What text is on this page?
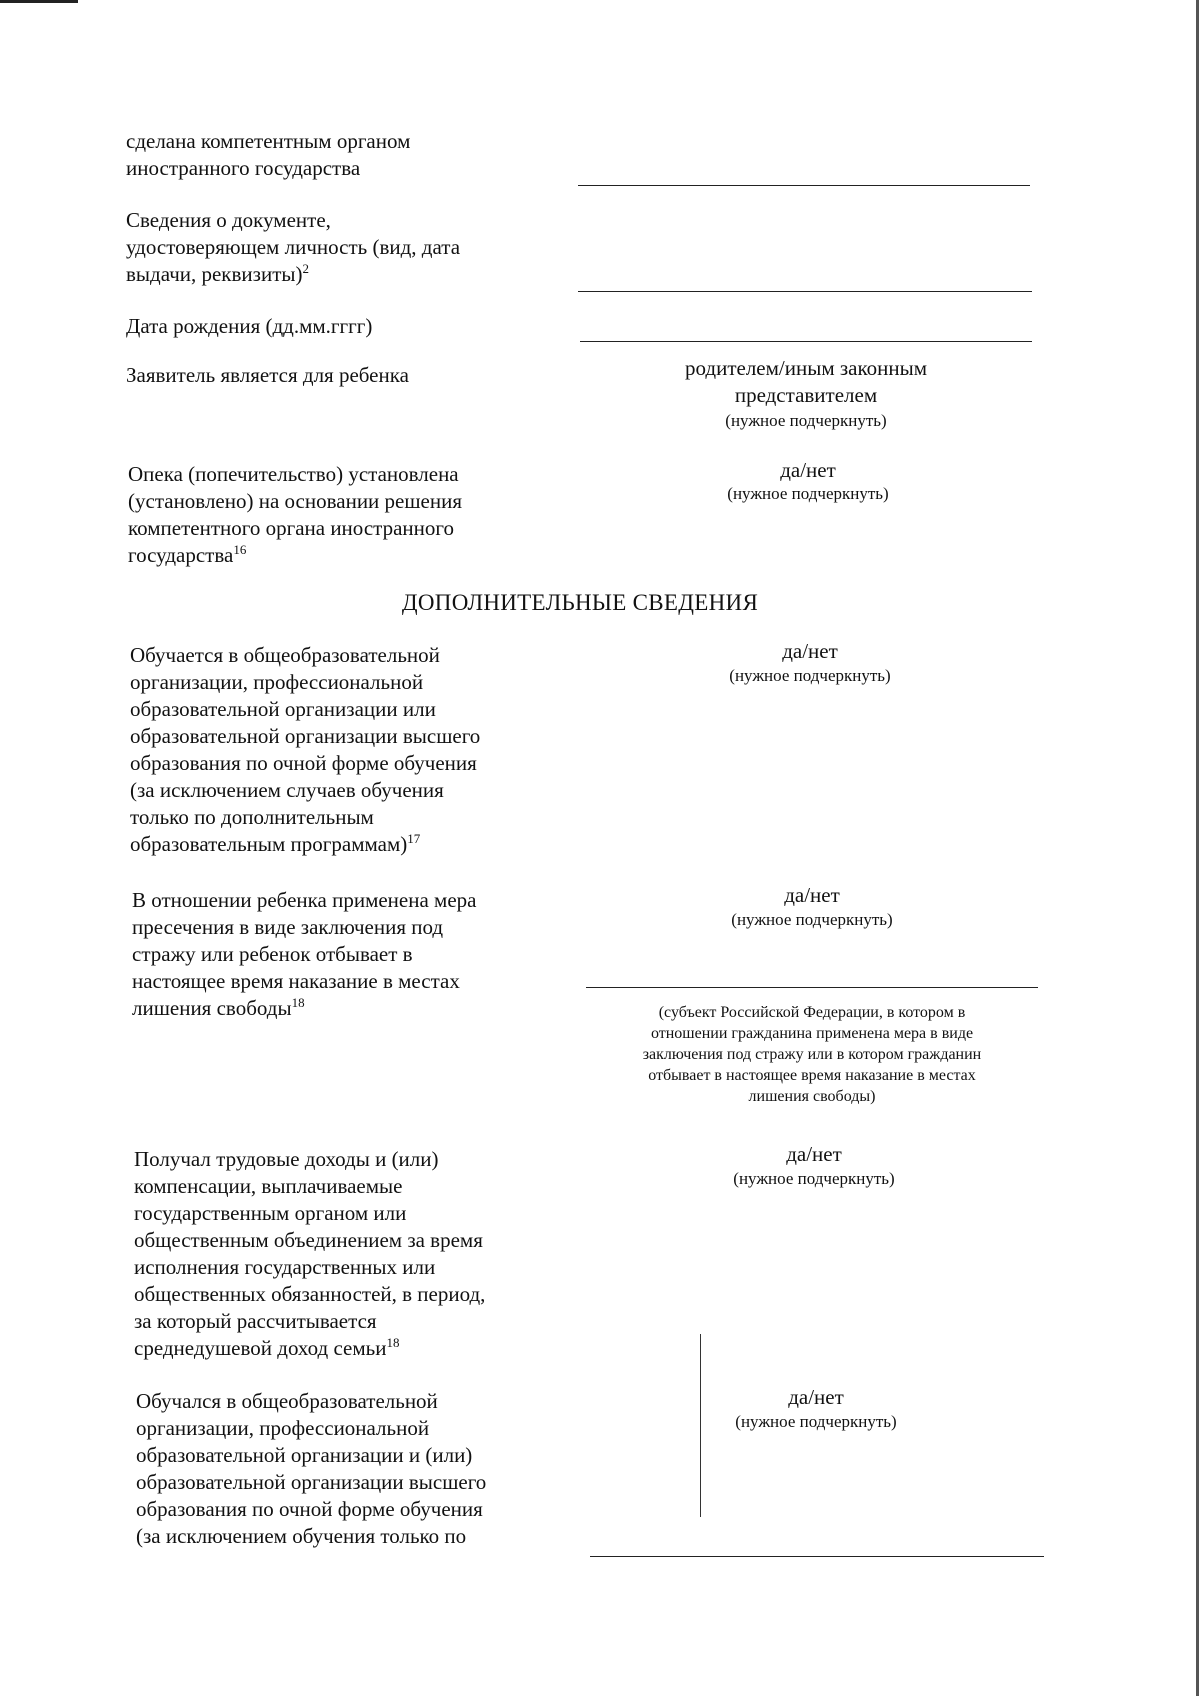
сделана компетентным органом
иностранного государства
Сведения о документе,
удостоверяющем личность (вид, дата
выдачи, реквизиты)$^2$
Дата рождения (дд.мм.гггг)
Заявитель является для ребенка	родителем/иным законным
представителем
(нужное подчеркнуть)
Опека (попечительство) установлена
(установлено) на основании решения
компетентного органа иностранного
государства$^{16}$
да/нет
(нужное подчеркнуть)
ДОПОЛНИТЕЛЬНЫЕ СВЕДЕНИЯ
Обучается в общеобразовательной
организации, профессиональной
образовательной организации или
образовательной организации высшего
образования по очной форме обучения
(за исключением случаев обучения
только по дополнительным
образовательным программам)$^{17}$
да/нет
(нужное подчеркнуть)
В отношении ребенка применена мера
пресечения в виде заключения под
стражу или ребенок отбывает в
настоящее время наказание в местах
лишения свободы$^{18}$
да/нет
(нужное подчеркнуть)
(субъект Российской Федерации, в котором в
отношении гражданина применена мера в виде
заключения под стражу или в котором гражданин
отбывает в настоящее время наказание в местах
лишения свободы)
Получал трудовые доходы и (или)
компенсации, выплачиваемые
государственным органом или
общественным объединением за время
исполнения государственных или
общественных обязанностей, в период,
за который рассчитывается
среднедушевой доход семьи$^{18}$
да/нет
(нужное подчеркнуть)
Обучался в общеобразовательной
организации, профессиональной
образовательной организации и (или)
образовательной организации высшего
образования по очной форме обучения
(за исключением обучения только по
да/нет
(нужное подчеркнуть)
